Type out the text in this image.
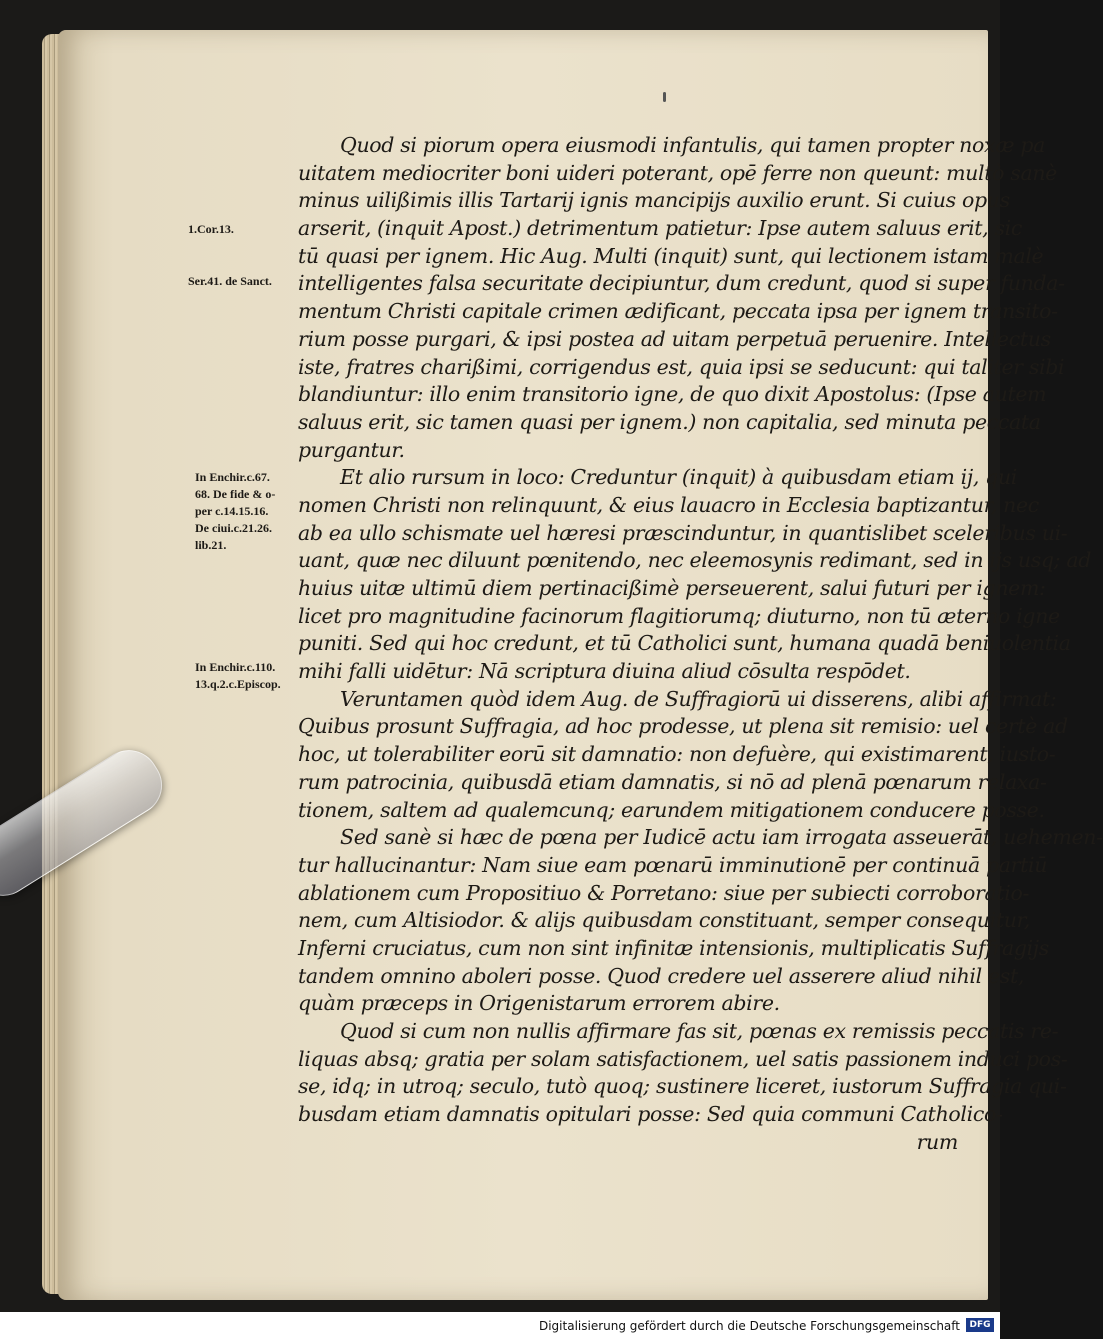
Quod si piorum opera eiusmodi infantulis, qui tamen propter noxæ pa
uitatem mediocriter boni uideri poterant, opē ferre non queunt: multò sanè
minus uilißimis illis Tartarij ignis mancipijs auxilio erunt. Si cuius opus
arserit, (inquit Apost.) detrimentum patietur: Ipse autem saluus erit, sic
tū quasi per ignem. Hic Aug. Multi (inquit) sunt, qui lectionem istam malè
intelligentes falsa securitate decipiuntur, dum credunt, quod si super funda-
mentum Christi capitale crimen ædificant, peccata ipsa per ignem transito-
rium posse purgari, & ipsi postea ad uitam perpetuā peruenire. Intellectus
iste, fratres charißimi, corrigendus est, quia ipsi se seducunt: qui taliter sibi
blandiuntur: illo enim transitorio igne, de quo dixit Apostolus: (Ipse autem
saluus erit, sic tamen quasi per ignem.) non capitalia, sed minuta peccata
purgantur.
Et alio rursum in loco: Creduntur (inquit) à quibusdam etiam ij, qui
nomen Christi non relinquunt, & eius lauacro in Ecclesia baptizantur, nec
ab ea ullo schismate uel hæresi præscinduntur, in quantislibet sceleribus ui-
uant, quæ nec diluunt pœnitendo, nec eleemosynis redimant, sed in ijs usq; ad
huius uitæ ultimū diem pertinacißimè perseuerent, salui futuri per ignem:
licet pro magnitudine facinorum flagitiorumq; diuturno, non tū æterno igne
puniti. Sed qui hoc credunt, et tū Catholici sunt, humana quadā beniuolentia
mihi falli uidētur: Nā scriptura diuina aliud cōsulta respōdet.
Veruntamen quòd idem Aug. de Suffragiorū ui disserens, alibi affirmat:
Quibus prosunt Suffragia, ad hoc prodesse, ut plena sit remisio: uel certè ad
hoc, ut tolerabiliter eorū sit damnatio: non defuère, qui existimarent, iusto-
rum patrocinia, quibusdā etiam damnatis, si nō ad plenā pœnarum relaxa-
tionem, saltem ad qualemcunq; earundem mitigationem conducere posse.
Sed sanè si hæc de pœna per Iudicē actu iam irrogata asseuerāt, uehemen-
tur hallucinantur: Nam siue eam pœnarū imminutionē per continuā partiū
ablationem cum Propositiuo & Porretano: siue per subiecti corroboratio-
nem, cum Altisiodor. & alijs quibusdam constituant, semper consequitur,
Inferni cruciatus, cum non sint infinitæ intensionis, multiplicatis Suffragijs
tandem omnino aboleri posse. Quod credere uel asserere aliud nihil est,
quàm præceps in Origenistarum errorem abire.
Quod si cum non nullis affirmare fas sit, pœnas ex remissis peccatis re-
liquas absq; gratia per solam satisfactionem, uel satis passionem induci pos-
se, idq; in utroq; seculo, tutò quoq; sustinere liceret, iustorum Suffragia qui-
busdam etiam damnatis opitulari posse: Sed quia communi Catholico-
rum
1.Cor.13.
Ser.41. de Sanct.
In Enchir.c.67.
68. De fide & o-
per c.14.15.16.
De ciui.c.21.26.
lib.21.
In Enchir.c.110.
13.q.2.c.Episcop.
Digitalisierung gefördert durch die Deutsche Forschungsgemeinschaft	DFG
